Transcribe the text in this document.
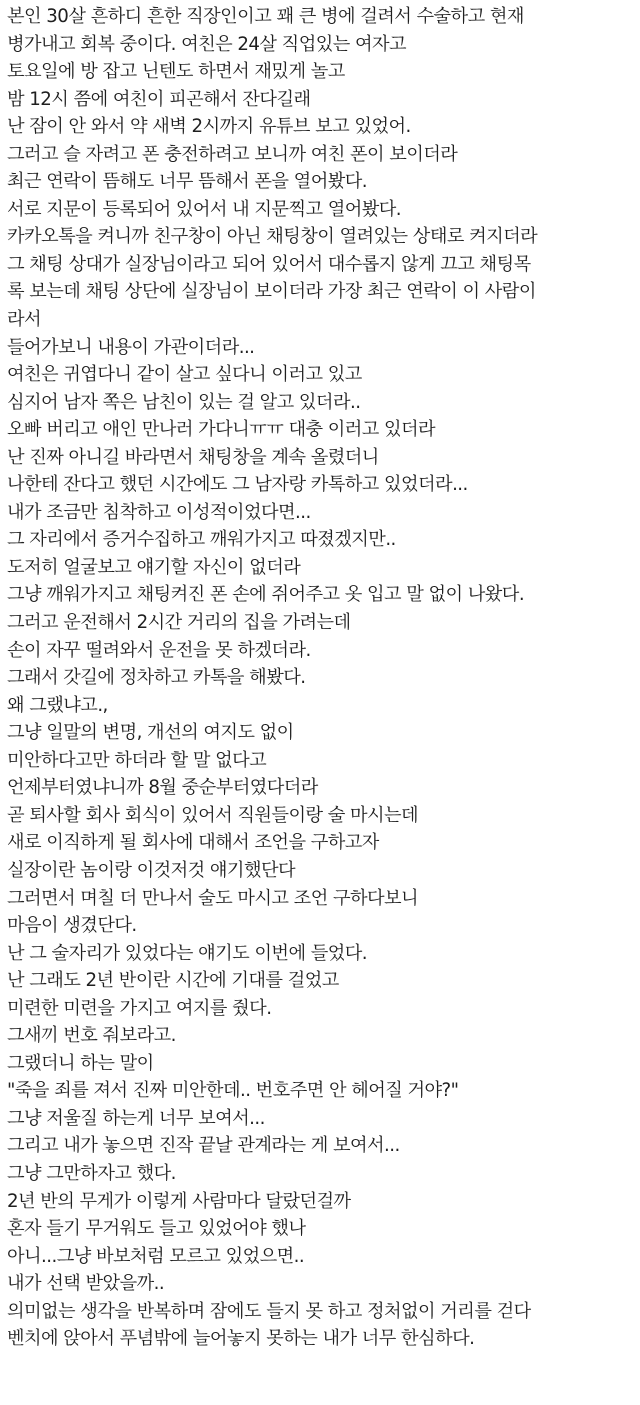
본인 30살 흔하디 흔한 직장인이고 꽤 큰 병에 걸려서 수술하고 현재
병가내고 회복 중이다. 여친은 24살 직업있는 여자고
토요일에 방 잡고 닌텐도 하면서 재밌게 놀고
밤 12시 쯤에 여친이 피곤해서 잔다길래
난 잠이 안 와서 약 새벽 2시까지 유튜브 보고 있었어.
그러고 슬 자려고 폰 충전하려고 보니까 여친 폰이 보이더라
최근 연락이 뜸해도 너무 뜸해서 폰을 열어봤다.
서로 지문이 등록되어 있어서 내 지문찍고 열어봤다.
카카오톡을 켜니까 친구창이 아닌 채팅창이 열려있는 상태로 켜지더라
그 채팅 상대가 실장님이라고 되어 있어서 대수롭지 않게 끄고 채팅목
록 보는데 채팅 상단에 실장님이 보이더라 가장 최근 연락이 이 사람이
라서
들어가보니 내용이 가관이더라...
여친은 귀엽다니 같이 살고 싶다니 이러고 있고
심지어 남자 쪽은 남친이 있는 걸 알고 있더라..
오빠 버리고 애인 만나러 가다니ㅠㅠ 대충 이러고 있더라
난 진짜 아니길 바라면서 채팅창을 계속 올렸더니
나한테 잔다고 했던 시간에도 그 남자랑 카톡하고 있었더라...
내가 조금만 침착하고 이성적이었다면...
그 자리에서 증거수집하고 깨워가지고 따졌겠지만..
도저히 얼굴보고 얘기할 자신이 없더라
그냥 깨워가지고 채팅켜진 폰 손에 쥐어주고 옷 입고 말 없이 나왔다.
그러고 운전해서 2시간 거리의 집을 가려는데
손이 자꾸 떨려와서 운전을 못 하겠더라.
그래서 갓길에 정차하고 카톡을 해봤다.
왜 그랬냐고.,
그냥 일말의 변명, 개선의 여지도 없이
미안하다고만 하더라 할 말 없다고
언제부터였냐니까 8월 중순부터였다더라
곧 퇴사할 회사 회식이 있어서 직원들이랑 술 마시는데
새로 이직하게 될 회사에 대해서 조언을 구하고자
실장이란 놈이랑 이것저것 얘기했단다
그러면서 며칠 더 만나서 술도 마시고 조언 구하다보니
마음이 생겼단다.
난 그 술자리가 있었다는 얘기도 이번에 들었다.
난 그래도 2년 반이란 시간에 기대를 걸었고
미련한 미련을 가지고 여지를 줬다.
그새끼 번호 줘보라고.
그랬더니 하는 말이
"죽을 죄를 져서 진짜 미안한데.. 번호주면 안 헤어질 거야?"
그냥 저울질 하는게 너무 보여서...
그리고 내가 놓으면 진작 끝날 관계라는 게 보여서...
그냥 그만하자고 했다.
2년 반의 무게가 이렇게 사람마다 달랐던걸까
혼자 들기 무거워도 들고 있었어야 했나
아니...그냥 바보처럼 모르고 있었으면..
내가 선택 받았을까..
의미없는 생각을 반복하며 잠에도 들지 못 하고 정처없이 거리를 걷다
벤치에 앉아서 푸념밖에 늘어놓지 못하는 내가 너무 한심하다.
